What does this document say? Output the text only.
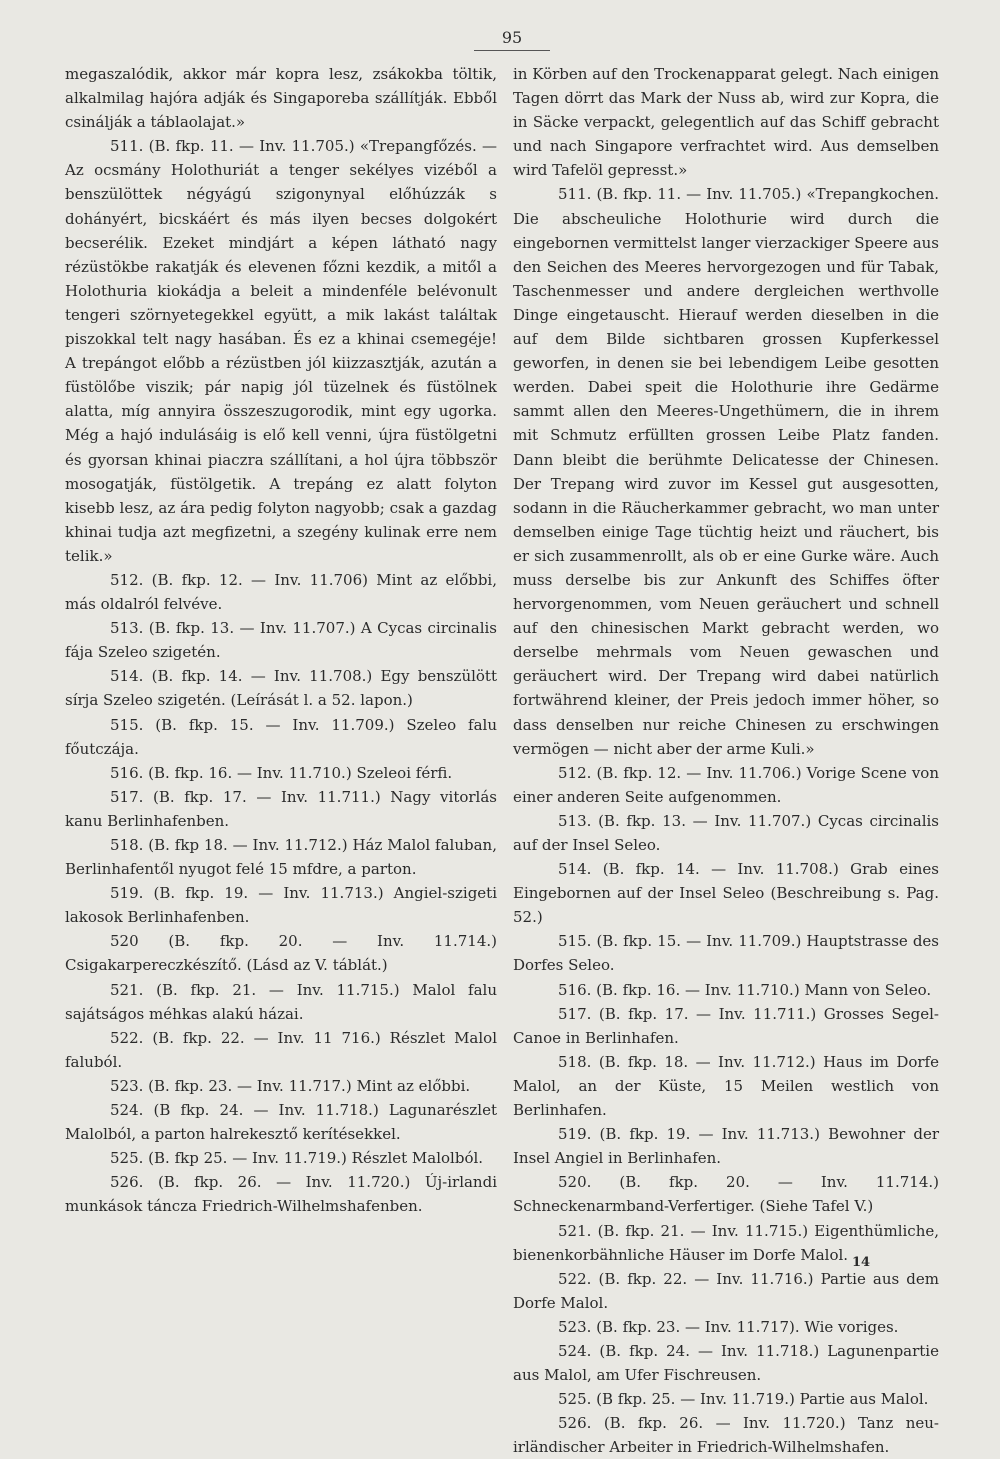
95

megaszalódik, akkor már kopra lesz, zsákokba töltik, alkalmilag hajóra adják és Singaporeba szállítják. Ebből csinálják a táblaolajat.»

511. (B. fkp. 11. — Inv. 11.705.) «Trepangfőzés. — Az ocsmány Holothuriát a tenger sekélyes vizéből a benszülöttek négyágú szigonynyal előhúzzák s dohányért, bicskáért és más ilyen becses dolgokért becserélik. Ezeket mindjárt a képen látható nagy rézüstökbe rakatják és elevenen főzni kezdik, a mitől a Holothuria kiokádja a beleit a mindenféle belévonult tengeri szörnyetegekkel együtt, a mik lakást találtak piszokkal telt nagy hasában. És ez a khinai csemegéje! A trepángot előbb a rézüstben jól kiizzasztják, azután a füstölőbe viszik; pár napig jól tüzelnek és füstölnek alatta, míg annyira összeszugorodik, mint egy ugorka. Még a hajó indulásáig is elő kell venni, újra füstölgetni és gyorsan khinai piaczra szállítani, a hol újra többször mosogatják, füstölgetik. A trepáng ez alatt folyton kisebb lesz, az ára pedig folyton nagyobb; csak a gazdag khinai tudja azt megfizetni, a szegény kulinak erre nem telik.»

512. (B. fkp. 12. — Inv. 11.706) Mint az előbbi, más oldalról felvéve.

513. (B. fkp. 13. — Inv. 11.707.) A Cycas circinalis fája Szeleo szigetén.

514. (B. fkp. 14. — Inv. 11.708.) Egy benszülött sírja Szeleo szigetén. (Leírását l. a 52. lapon.)

515. (B. fkp. 15. — Inv. 11.709.) Szeleo falu főutczája.

516. (B. fkp. 16. — Inv. 11.710.) Szeleoi férfi.

517. (B. fkp. 17. — Inv. 11.711.) Nagy vitorlás kanu Berlinhafenben.

518. (B. fkp 18. — Inv. 11.712.) Ház Malol faluban, Berlinhafentől nyugot felé 15 mfdre, a parton.

519. (B. fkp. 19. — Inv. 11.713.) Angiel-szigeti lakosok Berlinhafenben.

520 (B. fkp. 20. — Inv. 11.714.) Csigakarpereczkészítő. (Lásd az V. táblát.)

521. (B. fkp. 21. — Inv. 11.715.) Malol falu sajátságos méhkas alakú házai.

522. (B. fkp. 22. — Inv. 11 716.) Részlet Malol faluból.

523. (B. fkp. 23. — Inv. 11.717.) Mint az előbbi.

524. (B fkp. 24. — Inv. 11.718.) Lagunarészlet Malolból, a parton halrekesztő kerítésekkel.

525. (B. fkp 25. — Inv. 11.719.) Részlet Malolból.

526. (B. fkp. 26. — Inv. 11.720.) Új-irlandi munkások táncza Friedrich-Wilhelmshafenben.

in Körben auf den Trockenapparat gelegt. Nach einigen Tagen dörrt das Mark der Nuss ab, wird zur Kopra, die in Säcke verpackt, gelegentlich auf das Schiff gebracht und nach Singapore verfrachtet wird. Aus demselben wird Tafelöl gepresst.»

511. (B. fkp. 11. — Inv. 11.705.) «Trepangkochen. Die abscheuliche Holothurie wird durch die eingebornen vermittelst langer vierzackiger Speere aus den Seichen des Meeres hervorgezogen und für Tabak, Taschenmesser und andere dergleichen werthvolle Dinge eingetauscht. Hierauf werden dieselben in die auf dem Bilde sichtbaren grossen Kupferkessel geworfen, in denen sie bei lebendigem Leibe gesotten werden. Dabei speit die Holothurie ihre Gedärme sammt allen den Meeres-Ungethümern, die in ihrem mit Schmutz erfüllten grossen Leibe Platz fanden. Dann bleibt die berühmte Delicatesse der Chinesen. Der Trepang wird zuvor im Kessel gut ausgesotten, sodann in die Räucherkammer gebracht, wo man unter demselben einige Tage tüchtig heizt und räuchert, bis er sich zusammenrollt, als ob er eine Gurke wäre. Auch muss derselbe bis zur Ankunft des Schiffes öfter hervorgenommen, vom Neuen geräuchert und schnell auf den chinesischen Markt gebracht werden, wo derselbe mehrmals vom Neuen gewaschen und geräuchert wird. Der Trepang wird dabei natürlich fortwährend kleiner, der Preis jedoch immer höher, so dass denselben nur reiche Chinesen zu erschwingen vermögen — nicht aber der arme Kuli.»

512. (B. fkp. 12. — Inv. 11.706.) Vorige Scene von einer anderen Seite aufgenommen.

513. (B. fkp. 13. — Inv. 11.707.) Cycas circinalis auf der Insel Seleo.

514. (B. fkp. 14. — Inv. 11.708.) Grab eines Eingebornen auf der Insel Seleo (Beschreibung s. Pag. 52.)

515. (B. fkp. 15. — Inv. 11.709.) Hauptstrasse des Dorfes Seleo.

516. (B. fkp. 16. — Inv. 11.710.) Mann von Seleo.

517. (B. fkp. 17. — Inv. 11.711.) Grosses Segel-Canoe in Berlinhafen.

518. (B. fkp. 18. — Inv. 11.712.) Haus im Dorfe Malol, an der Küste, 15 Meilen westlich von Berlinhafen.

519. (B. fkp. 19. — Inv. 11.713.) Bewohner der Insel Angiel in Berlinhafen.

520. (B. fkp. 20. — Inv. 11.714.) Schneckenarmband-Verfertiger. (Siehe Tafel V.)

521. (B. fkp. 21. — Inv. 11.715.) Eigenthümliche, bienenkorbähnliche Häuser im Dorfe Malol.

522. (B. fkp. 22. — Inv. 11.716.) Partie aus dem Dorfe Malol.

523. (B. fkp. 23. — Inv. 11.717). Wie voriges.

524. (B. fkp. 24. — Inv. 11.718.) Lagunenpartie aus Malol, am Ufer Fischreusen.

525. (B fkp. 25. — Inv. 11.719.) Partie aus Malol.

526. (B. fkp. 26. — Inv. 11.720.) Tanz neu-irländischer Arbeiter in Friedrich-Wilhelmshafen.

14
